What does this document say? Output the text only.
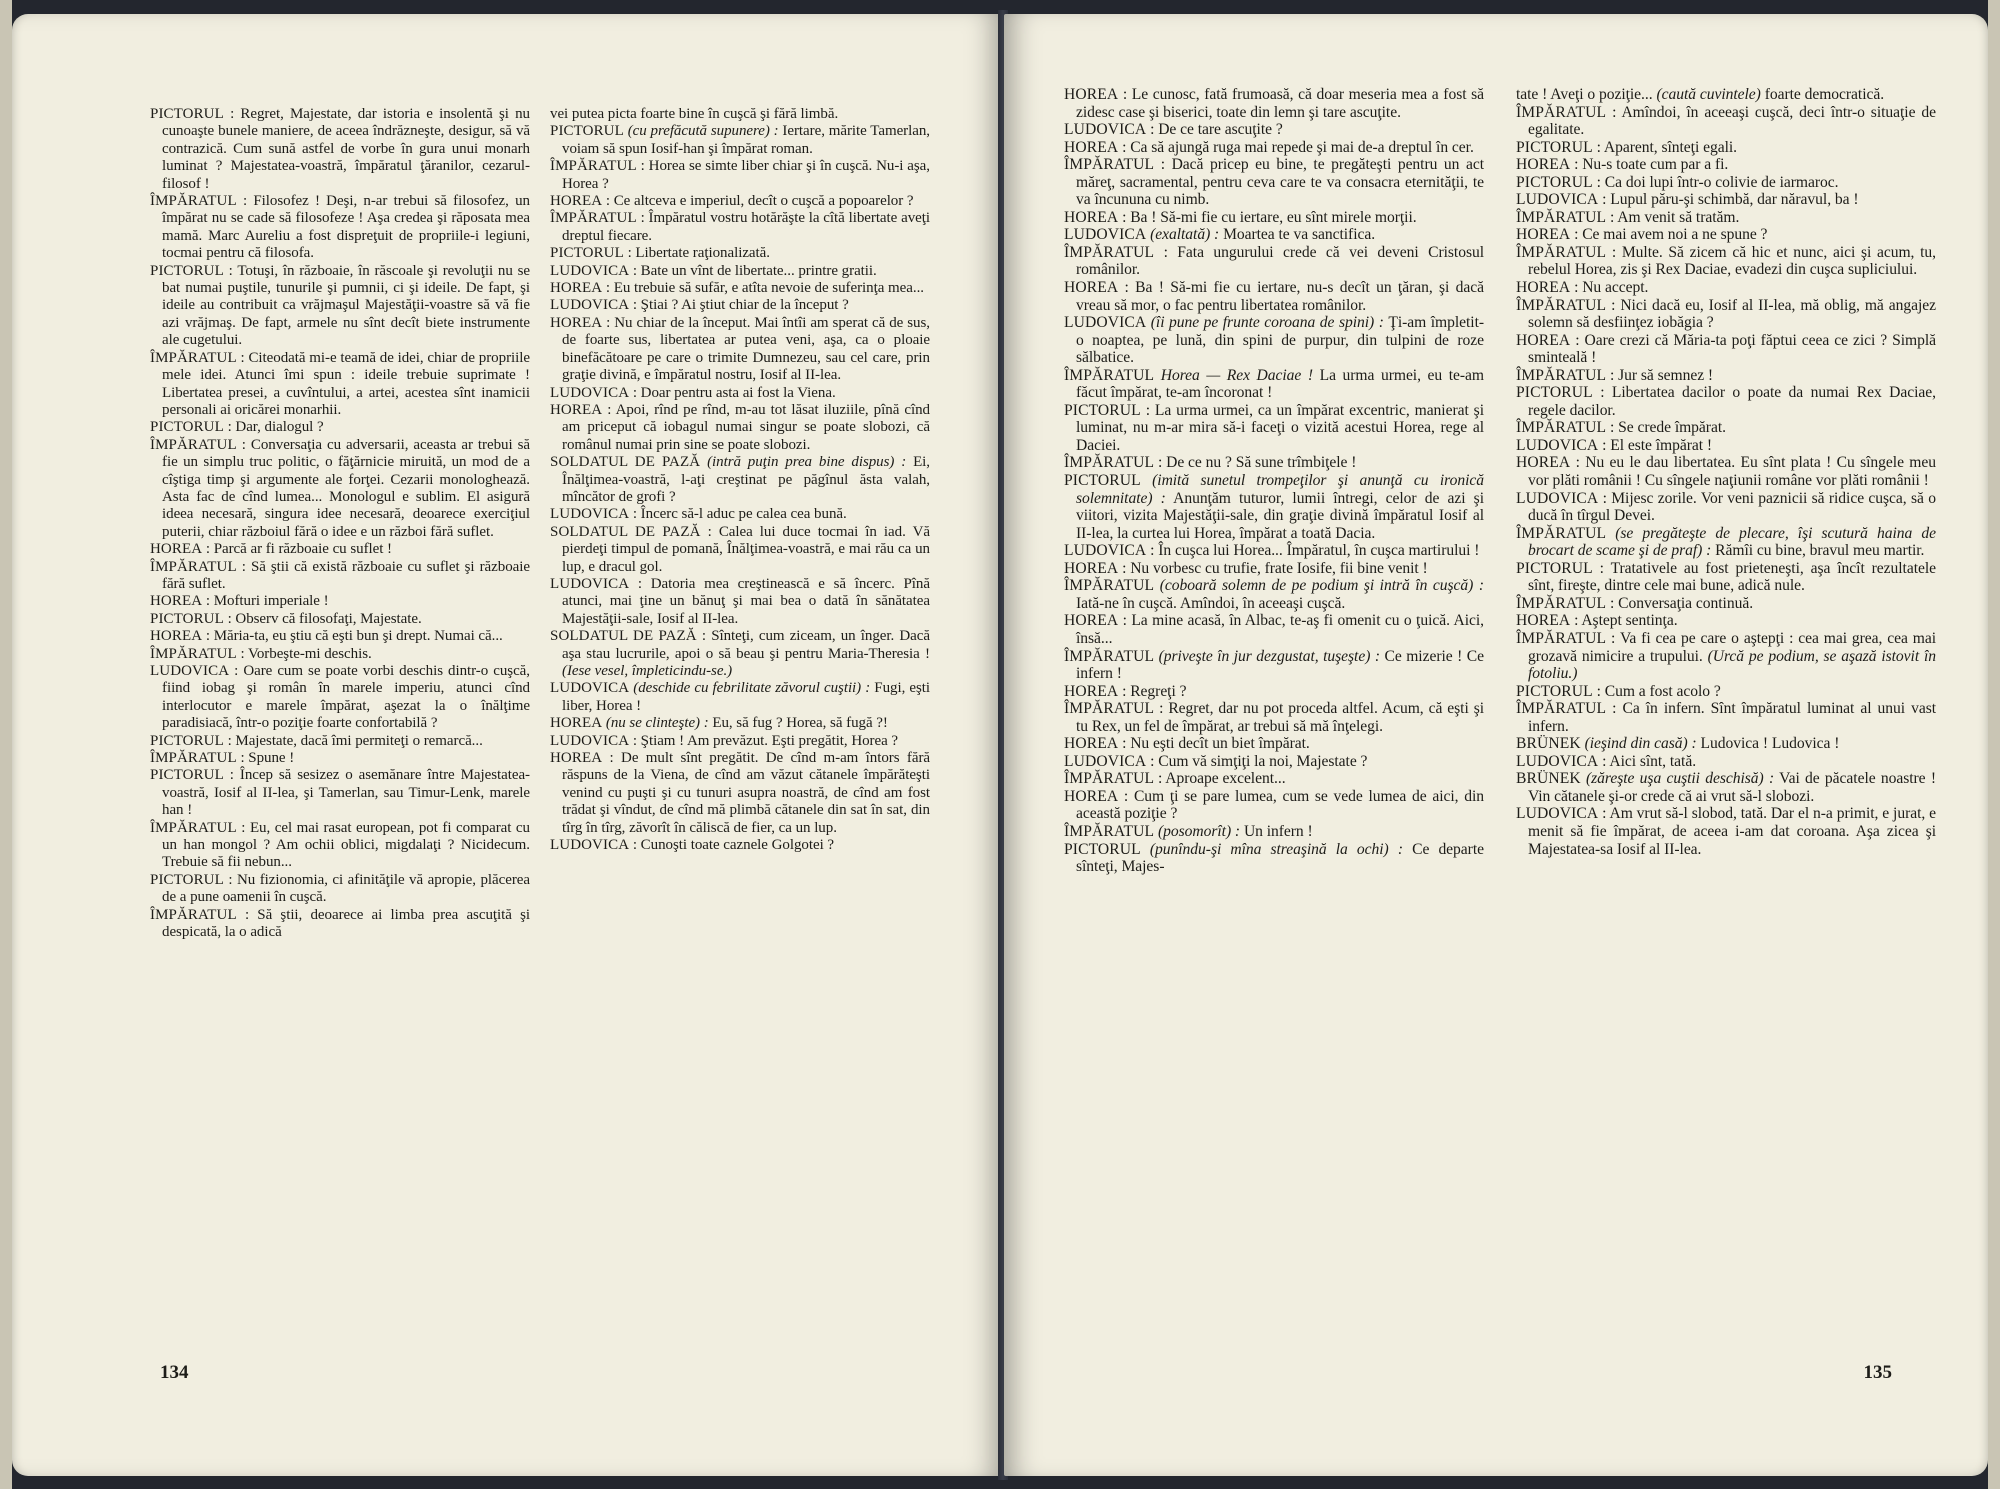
PICTORUL : Regret, Majestate, dar istoria e insolentă şi nu cunoaşte bunele maniere, de aceea îndrăzneşte, desigur, să vă contrazică. Cum sună astfel de vorbe în gura unui monarh luminat ? Majestatea-voastră, împăratul ţăranilor, cezarul-filosof !

ÎMPĂRATUL : Filosofez ! Deşi, n-ar trebui să filosofez, un împărat nu se cade să filosofeze ! Aşa credea şi răposata mea mamă. Marc Aureliu a fost dispreţuit de propriile-i legiuni, tocmai pentru că filosofa.

PICTORUL : Totuşi, în războaie, în răscoale şi revoluţii nu se bat numai puştile, tunurile şi pumnii, ci şi ideile. De fapt, şi ideile au contribuit ca vrăjmaşul Majestăţii-voastre să vă fie azi vrăjmaş. De fapt, armele nu sînt decît biete instrumente ale cugetului.

ÎMPĂRATUL : Citeodată mi-e teamă de idei, chiar de propriile mele idei. Atunci îmi spun : ideile trebuie suprimate ! Libertatea presei, a cuvîntului, a artei, acestea sînt inamicii personali ai oricărei monarhii.

PICTORUL : Dar, dialogul ?

ÎMPĂRATUL : Conversaţia cu adversarii, aceasta ar trebui să fie un simplu truc politic, o făţărnicie miruită, un mod de a cîştiga timp şi argumente ale forţei. Cezarii monologhează. Asta fac de cînd lumea... Monologul e sublim. El asigură ideea necesară, singura idee necesară, deoarece exerciţiul puterii, chiar războiul fără o idee e un război fără suflet.

HOREA : Parcă ar fi războaie cu suflet !

ÎMPĂRATUL : Să ştii că există războaie cu suflet şi războaie fără suflet.

HOREA : Mofturi imperiale !

PICTORUL : Observ că filosofaţi, Majestate.

HOREA : Măria-ta, eu ştiu că eşti bun şi drept. Numai că...

ÎMPĂRATUL : Vorbeşte-mi deschis.

LUDOVICA : Oare cum se poate vorbi deschis dintr-o cuşcă, fiind iobag şi român în marele imperiu, atunci cînd interlocutor e marele împărat, aşezat la o înălţime paradisiacă, într-o poziţie foarte confortabilă ?

PICTORUL : Majestate, dacă îmi permiteţi o remarcă...

ÎMPĂRATUL : Spune !

PICTORUL : Încep să sesizez o asemănare între Majestatea-voastră, Iosif al II-lea, şi Tamerlan, sau Timur-Lenk, marele han !

ÎMPĂRATUL : Eu, cel mai rasat european, pot fi comparat cu un han mongol ? Am ochii oblici, migdalaţi ? Nicidecum. Trebuie să fii nebun...

PICTORUL : Nu fizionomia, ci afinităţile vă apropie, plăcerea de a pune oamenii în cuşcă.

ÎMPĂRATUL : Să ştii, deoarece ai limba prea ascuţită şi despicată, la o adică

vei putea picta foarte bine în cuşcă şi fără limbă.

PICTORUL (cu prefăcută supunere) : Iertare, mărite Tamerlan, voiam să spun Iosif-han şi împărat roman.

ÎMPĂRATUL : Horea se simte liber chiar şi în cuşcă. Nu-i aşa, Horea ?

HOREA : Ce altceva e imperiul, decît o cuşcă a popoarelor ?

ÎMPĂRATUL : Împăratul vostru hotărăşte la cîtă libertate aveţi dreptul fiecare.

PICTORUL : Libertate raţionalizată.

LUDOVICA : Bate un vînt de libertate... printre gratii.

HOREA : Eu trebuie să sufăr, e atîta nevoie de suferinţa mea...

LUDOVICA : Ştiai ? Ai ştiut chiar de la început ?

HOREA : Nu chiar de la început. Mai întîi am sperat că de sus, de foarte sus, libertatea ar putea veni, aşa, ca o ploaie binefăcătoare pe care o trimite Dumnezeu, sau cel care, prin graţie divină, e împăratul nostru, Iosif al II-lea.

LUDOVICA : Doar pentru asta ai fost la Viena.

HOREA : Apoi, rînd pe rînd, m-au tot lăsat iluziile, pînă cînd am priceput că iobagul numai singur se poate slobozi, că românul numai prin sine se poate slobozi.

SOLDATUL DE PAZĂ (intră puţin prea bine dispus) : Ei, Înălţimea-voastră, l-aţi creştinat pe păgînul ăsta valah, mîncător de grofi ?

LUDOVICA : Încerc să-l aduc pe calea cea bună.

SOLDATUL DE PAZĂ : Calea lui duce tocmai în iad. Vă pierdeţi timpul de pomană, Înălţimea-voastră, e mai rău ca un lup, e dracul gol.

LUDOVICA : Datoria mea creştinească e să încerc. Pînă atunci, mai ţine un bănuţ şi mai bea o dată în sănătatea Majestăţii-sale, Iosif al II-lea.

SOLDATUL DE PAZĂ : Sînteţi, cum ziceam, un înger. Dacă aşa stau lucrurile, apoi o să beau şi pentru Maria-Theresia ! (Iese vesel, împleticindu-se.)

LUDOVICA (deschide cu febrilitate zăvorul cuştii) : Fugi, eşti liber, Horea !

HOREA (nu se clinteşte) : Eu, să fug ? Horea, să fugă ?!

LUDOVICA : Ştiam ! Am prevăzut. Eşti pregătit, Horea ?

HOREA : De mult sînt pregătit. De cînd m-am întors fără răspuns de la Viena, de cînd am văzut cătanele împărăteşti venind cu puşti şi cu tunuri asupra noastră, de cînd am fost trădat şi vîndut, de cînd mă plimbă cătanele din sat în sat, din tîrg în tîrg, zăvorît în căliscă de fier, ca un lup.

LUDOVICA : Cunoşti toate caznele Golgotei ?

134

HOREA : Le cunosc, fată frumoasă, că doar meseria mea a fost să zidesc case şi biserici, toate din lemn şi tare ascuţite.

LUDOVICA : De ce tare ascuţite ?

HOREA : Ca să ajungă ruga mai repede şi mai de-a dreptul în cer.

ÎMPĂRATUL : Dacă pricep eu bine, te pregăteşti pentru un act măreţ, sacramental, pentru ceva care te va consacra eternităţii, te va încununa cu nimb.

HOREA : Ba ! Să-mi fie cu iertare, eu sînt mirele morţii.

LUDOVICA (exaltată) : Moartea te va sanctifica.

ÎMPĂRATUL : Fata ungurului crede că vei deveni Cristosul românilor.

HOREA : Ba ! Să-mi fie cu iertare, nu-s decît un ţăran, şi dacă vreau să mor, o fac pentru libertatea românilor.

LUDOVICA (îi pune pe frunte coroana de spini) : Ţi-am împletit-o noaptea, pe lună, din spini de purpur, din tulpini de roze sălbatice.

ÎMPĂRATUL Horea — Rex Daciae ! La urma urmei, eu te-am făcut împărat, te-am încoronat !

PICTORUL : La urma urmei, ca un împărat excentric, manierat şi luminat, nu m-ar mira să-i faceţi o vizită acestui Horea, rege al Daciei.

ÎMPĂRATUL : De ce nu ? Să sune trîmbiţele !

PICTORUL (imită sunetul trompeţilor şi anunţă cu ironică solemnitate) : Anunţăm tuturor, lumii întregi, celor de azi şi viitori, vizita Majestăţii-sale, din graţie divină împăratul Iosif al II-lea, la curtea lui Horea, împărat a toată Dacia.

LUDOVICA : În cuşca lui Horea... Împăratul, în cuşca martirului !

HOREA : Nu vorbesc cu trufie, frate Iosife, fii bine venit !

ÎMPĂRATUL (coboară solemn de pe podium şi intră în cuşcă) : Iată-ne în cuşcă. Amîndoi, în aceeaşi cuşcă.

HOREA : La mine acasă, în Albac, te-aş fi omenit cu o ţuică. Aici, însă...

ÎMPĂRATUL (priveşte în jur dezgustat, tuşeşte) : Ce mizerie ! Ce infern !

HOREA : Regreţi ?

ÎMPĂRATUL : Regret, dar nu pot proceda altfel. Acum, că eşti şi tu Rex, un fel de împărat, ar trebui să mă înţelegi.

HOREA : Nu eşti decît un biet împărat.

LUDOVICA : Cum vă simţiţi la noi, Majestate ?

ÎMPĂRATUL : Aproape excelent...

HOREA : Cum ţi se pare lumea, cum se vede lumea de aici, din această poziţie ?

ÎMPĂRATUL (posomorît) : Un infern !

PICTORUL (punîndu-şi mîna streaşină la ochi) : Ce departe sînteţi, Majes-

tate ! Aveţi o poziţie... (caută cuvintele) foarte democratică.

ÎMPĂRATUL : Amîndoi, în aceeaşi cuşcă, deci într-o situaţie de egalitate.

PICTORUL : Aparent, sînteţi egali.

HOREA : Nu-s toate cum par a fi.

PICTORUL : Ca doi lupi într-o colivie de iarmaroc.

LUDOVICA : Lupul păru-şi schimbă, dar năravul, ba !

ÎMPĂRATUL : Am venit să tratăm.

HOREA : Ce mai avem noi a ne spune ?

ÎMPĂRATUL : Multe. Să zicem că hic et nunc, aici şi acum, tu, rebelul Horea, zis şi Rex Daciae, evadezi din cuşca supliciului.

HOREA : Nu accept.

ÎMPĂRATUL : Nici dacă eu, Iosif al II-lea, mă oblig, mă angajez solemn să desfiinţez iobăgia ?

HOREA : Oare crezi că Măria-ta poţi făptui ceea ce zici ? Simplă sminteală !

ÎMPĂRATUL : Jur să semnez !

PICTORUL : Libertatea dacilor o poate da numai Rex Daciae, regele dacilor.

ÎMPĂRATUL : Se crede împărat.

LUDOVICA : El este împărat !

HOREA : Nu eu le dau libertatea. Eu sînt plata ! Cu sîngele meu vor plăti românii ! Cu sîngele naţiunii române vor plăti românii !

LUDOVICA : Mijesc zorile. Vor veni paznicii să ridice cuşca, să o ducă în tîrgul Devei.

ÎMPĂRATUL (se pregăteşte de plecare, îşi scutură haina de brocart de scame şi de praf) : Rămîi cu bine, bravul meu martir.

PICTORUL : Tratativele au fost prieteneşti, aşa încît rezultatele sînt, fireşte, dintre cele mai bune, adică nule.

ÎMPĂRATUL : Conversaţia continuă.

HOREA : Aştept sentinţa.

ÎMPĂRATUL : Va fi cea pe care o aştepţi : cea mai grea, cea mai grozavă nimicire a trupului. (Urcă pe podium, se aşază istovit în fotoliu.)

PICTORUL : Cum a fost acolo ?

ÎMPĂRATUL : Ca în infern. Sînt împăratul luminat al unui vast infern.

BRÜNEK (ieşind din casă) : Ludovica ! Ludovica !

LUDOVICA : Aici sînt, tată.

BRÜNEK (zăreşte uşa cuştii deschisă) : Vai de păcatele noastre ! Vin cătanele şi-or crede că ai vrut să-l slobozi.

LUDOVICA : Am vrut să-l slobod, tată. Dar el n-a primit, e jurat, e menit să fie împărat, de aceea i-am dat coroana. Aşa zicea şi Majestatea-sa Iosif al II-lea.

135
